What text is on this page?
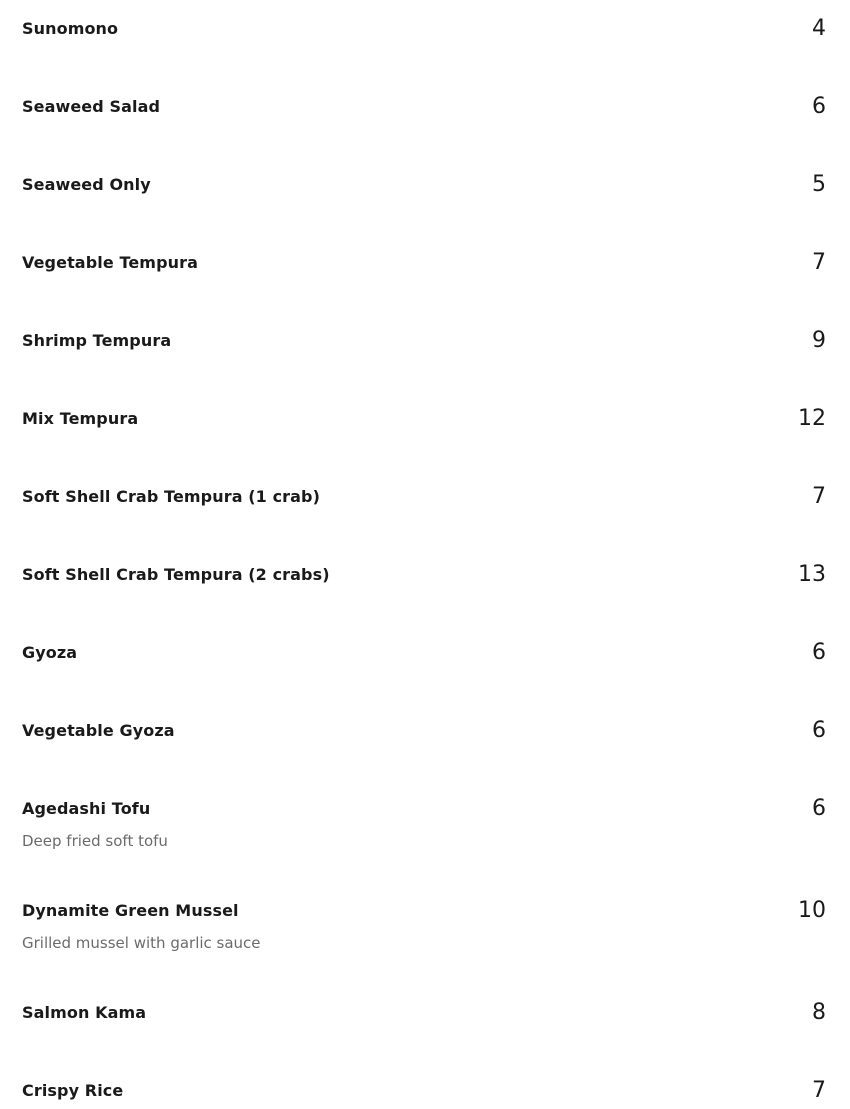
Sunomono	4
Seaweed Salad	6
Seaweed Only	5
Vegetable Tempura	7
Shrimp Tempura	9
Mix Tempura	12
Soft Shell Crab Tempura (1 crab)	7
Soft Shell Crab Tempura (2 crabs)	13
Gyoza	6
Vegetable Gyoza	6
Agedashi Tofu	6
Deep fried soft tofu
Dynamite Green Mussel	10
Grilled mussel with garlic sauce
Salmon Kama	8
Crispy Rice	7
